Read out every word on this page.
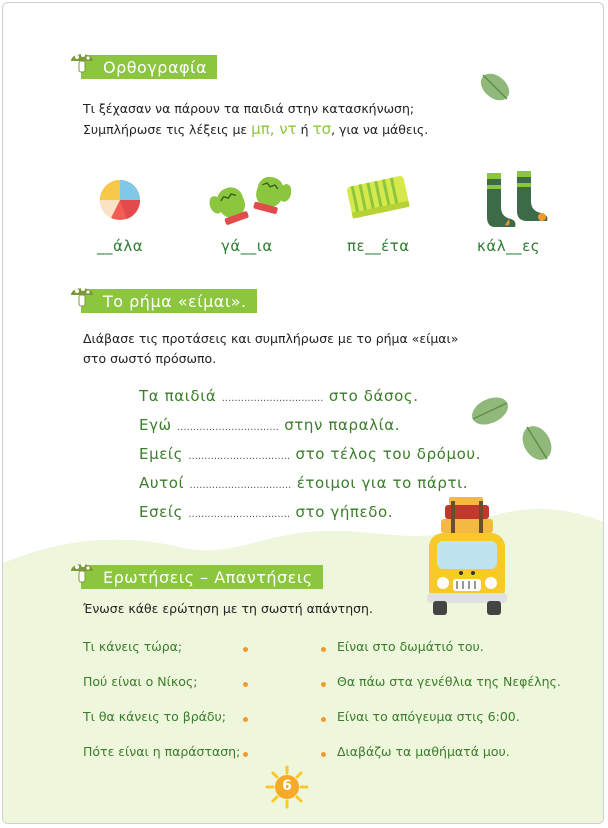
Ορθογραφία
Τι ξέχασαν να πάρουν τα παιδιά στην κατασκήνωση;
Συμπλήρωσε τις λέξεις με μπ, ντ ή τσ, για να μάθεις.
__άλα	γά__ια	πε__έτα	κάλ__ες
Το ρήμα «είμαι».
Διάβασε τις προτάσεις και συμπλήρωσε με το ρήμα «είμαι»
στο σωστό πρόσωπο.
Τα παιδιά ................................ στο δάσος.
Εγώ ................................ στην παραλία.
Εμείς ................................ στο τέλος του δρόμου.
Αυτοί ................................ έτοιμοι για το πάρτι.
Εσείς ................................ στο γήπεδο.
Ερωτήσεις – Απαντήσεις
Ένωσε κάθε ερώτηση με τη σωστή απάντηση.
Τι κάνεις τώρα;
Πού είναι ο Νίκος;
Τι θα κάνεις το βράδυ;
Πότε είναι η παράσταση;
Είναι στο δωμάτιό του.
Θα πάω στα γενέθλια της Νεφέλης.
Είναι το απόγευμα στις 6:00.
Διαβάζω τα μαθήματά μου.
6
